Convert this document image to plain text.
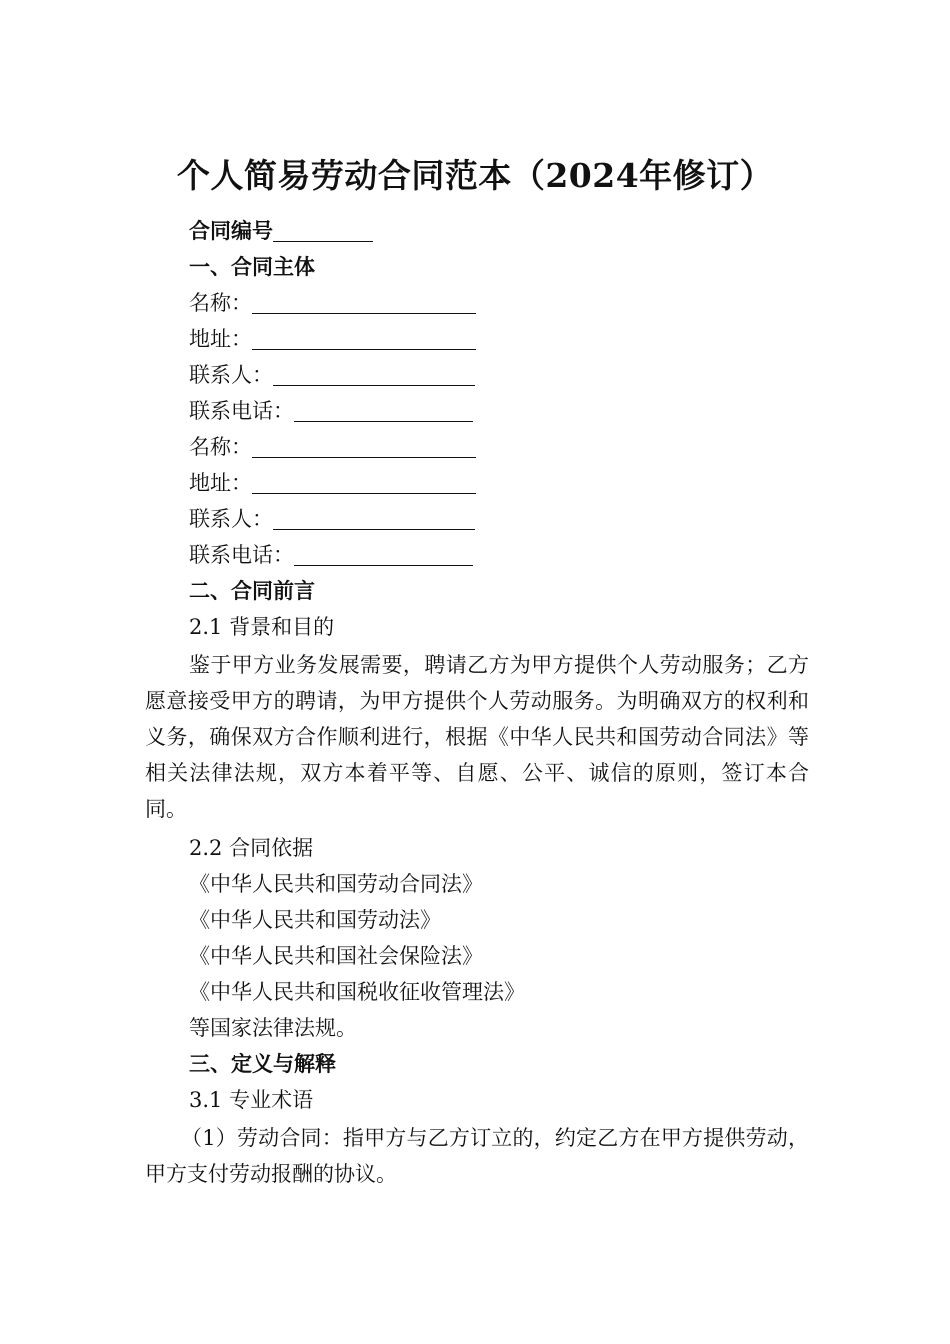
个人简易劳动合同范本（2024年修订）
合同编号
一、合同主体
名称：
地址：
联系人：
联系电话：
名称：
地址：
联系人：
联系电话：
二、合同前言
2.1 背景和目的
鉴于甲方业务发展需要，聘请乙方为甲方提供个人劳动服务；乙方愿意接受甲方的聘请，为甲方提供个人劳动服务。为明确双方的权利和义务，确保双方合作顺利进行，根据《中华人民共和国劳动合同法》等相关法律法规，双方本着平等、自愿、公平、诚信的原则，签订本合同。
2.2 合同依据
《中华人民共和国劳动合同法》
《中华人民共和国劳动法》
《中华人民共和国社会保险法》
《中华人民共和国税收征收管理法》
等国家法律法规。
三、定义与解释
3.1 专业术语
（1）劳动合同：指甲方与乙方订立的，约定乙方在甲方提供劳动，甲方支付劳动报酬的协议。
